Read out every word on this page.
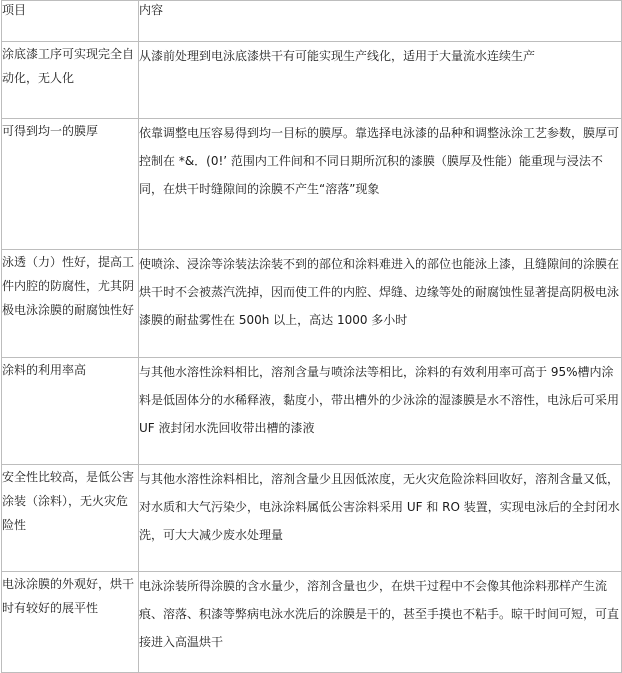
项目	内容
涂底漆工序可实现完全自动化，无人化	从漆前处理到电泳底漆烘干有可能实现生产线化，适用于大量流水连续生产
可得到均一的膜厚	依靠调整电压容易得到均一目标的膜厚。靠选择电泳漆的品种和调整泳涂工艺参数，膜厚可控制在 *&．(0!’ 范围内工件间和不同日期所沉积的漆膜（膜厚及性能）能重现与浸法不同，在烘干时缝隙间的涂膜不产生“溶落”现象
泳透（力）性好，提高工件内腔的防腐性，尤其阴极电泳涂膜的耐腐蚀性好	使喷涂、浸涂等涂装法涂装不到的部位和涂料难进入的部位也能泳上漆，且缝隙间的涂膜在烘干时不会被蒸汽洗掉，因而使工件的内腔、焊缝、边缘等处的耐腐蚀性显著提高阴极电泳漆膜的耐盐雾性在 500h 以上，高达 1000 多小时
涂料的利用率高	与其他水溶性涂料相比，溶剂含量与喷涂法等相比，涂料的有效利用率可高于 95%槽内涂料是低固体分的水稀释液，黏度小，带出槽外的少泳涂的湿漆膜是水不溶性，电泳后可采用 UF 液封闭水洗回收带出槽的漆液
安全性比较高，是低公害涂装（涂料），无火灾危险性	与其他水溶性涂料相比，溶剂含量少且因低浓度，无火灾危险涂料回收好，溶剂含量又低，对水质和大气污染少，电泳涂料属低公害涂料采用 UF 和 RO 装置，实现电泳后的全封闭水洗，可大大减少废水处理量
电泳涂膜的外观好，烘干时有较好的展平性	电泳涂装所得涂膜的含水量少，溶剂含量也少，在烘干过程中不会像其他涂料那样产生流痕、溶落、积漆等弊病电泳水洗后的涂膜是干的，甚至手摸也不粘手。晾干时间可短，可直接进入高温烘干
